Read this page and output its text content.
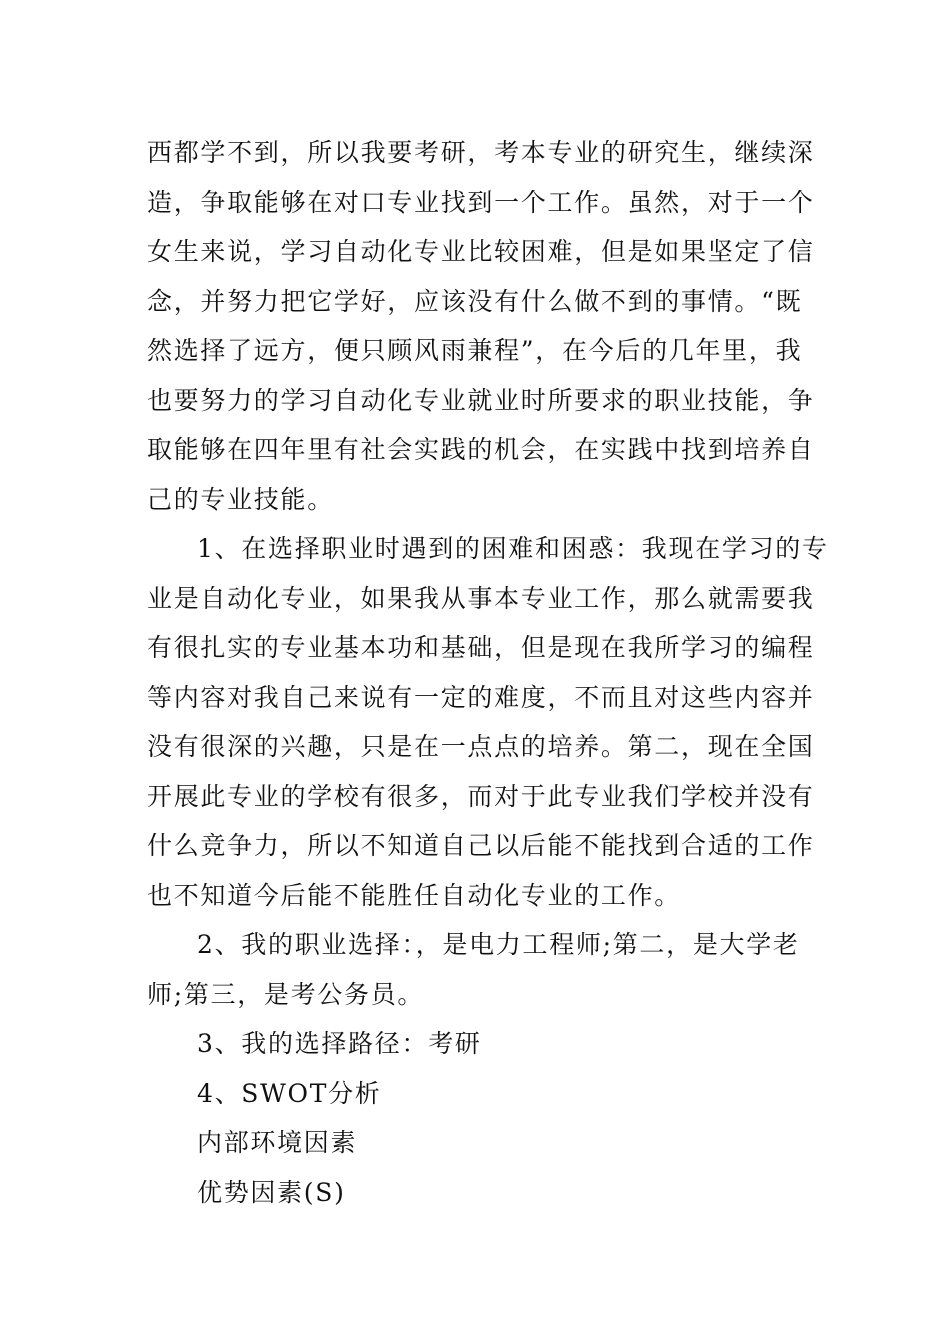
西都学不到，所以我要考研，考本专业的研究生，继续深
造，争取能够在对口专业找到一个工作。虽然，对于一个
女生来说，学习自动化专业比较困难，但是如果坚定了信
念，并努力把它学好，应该没有什么做不到的事情。“既
然选择了远方，便只顾风雨兼程”，在今后的几年里，我
也要努力的学习自动化专业就业时所要求的职业技能，争
取能够在四年里有社会实践的机会，在实践中找到培养自
己的专业技能。
1、在选择职业时遇到的困难和困惑：我现在学习的专
业是自动化专业，如果我从事本专业工作，那么就需要我
有很扎实的专业基本功和基础，但是现在我所学习的编程
等内容对我自己来说有一定的难度，不而且对这些内容并
没有很深的兴趣，只是在一点点的培养。第二，现在全国
开展此专业的学校有很多，而对于此专业我们学校并没有
什么竞争力，所以不知道自己以后能不能找到合适的工作
也不知道今后能不能胜任自动化专业的工作。
2、我的职业选择：，是电力工程师;第二，是大学老
师;第三，是考公务员。
3、我的选择路径：考研
4、SWOT分析
内部环境因素
优势因素(S)
